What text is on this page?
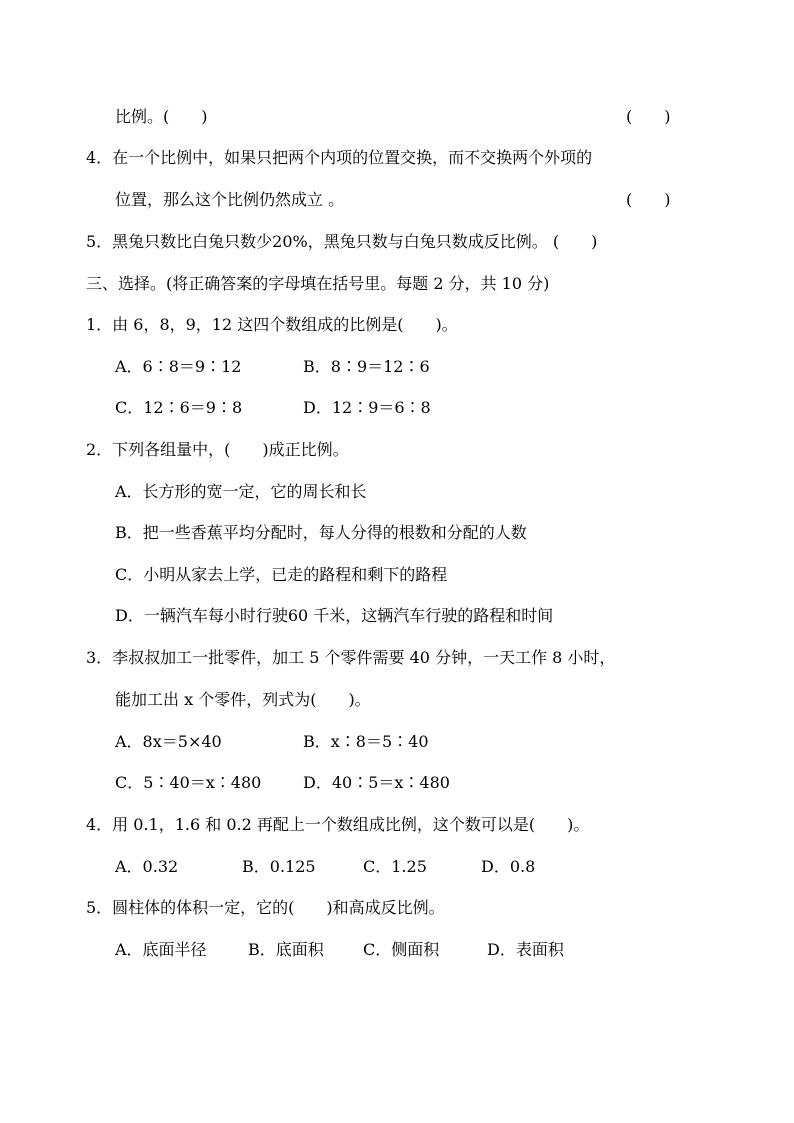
比例。(　　)	(　　)
4．在一个比例中，如果只把两个内项的位置交换，而不交换两个外项的
位置，那么这个比例仍然成立 。	(　　)
5．黑兔只数比白兔只数少20%，黑兔只数与白兔只数成反比例。 (　　)
三、选择。(将正确答案的字母填在括号里。每题 2 分，共 10 分)
1．由 6，8，9，12 这四个数组成的比例是(　　)。
A．6∶8＝9∶12	B．8∶9＝12∶6
C．12∶6＝9∶8	D．12∶9＝6∶8
2．下列各组量中，(　　)成正比例。
A．长方形的宽一定，它的周长和长
B．把一些香蕉平均分配时，每人分得的根数和分配的人数
C．小明从家去上学，已走的路程和剩下的路程
D．一辆汽车每小时行驶60 千米，这辆汽车行驶的路程和时间
3．李叔叔加工一批零件，加工 5 个零件需要 40 分钟，一天工作 8 小时，
能加工出 x 个零件，列式为(　　)。
A．8x＝5×40	B．x∶8＝5∶40
C．5∶40＝x∶480	D．40∶5＝x∶480
4．用 0.1，1.6 和 0.2 再配上一个数组成比例，这个数可以是(　　)。
A．0.32	B．0.125	C．1.25	D．0.8
5．圆柱体的体积一定，它的(　　)和高成反比例。
A．底面半径	B．底面积 C．侧面积	D．表面积
